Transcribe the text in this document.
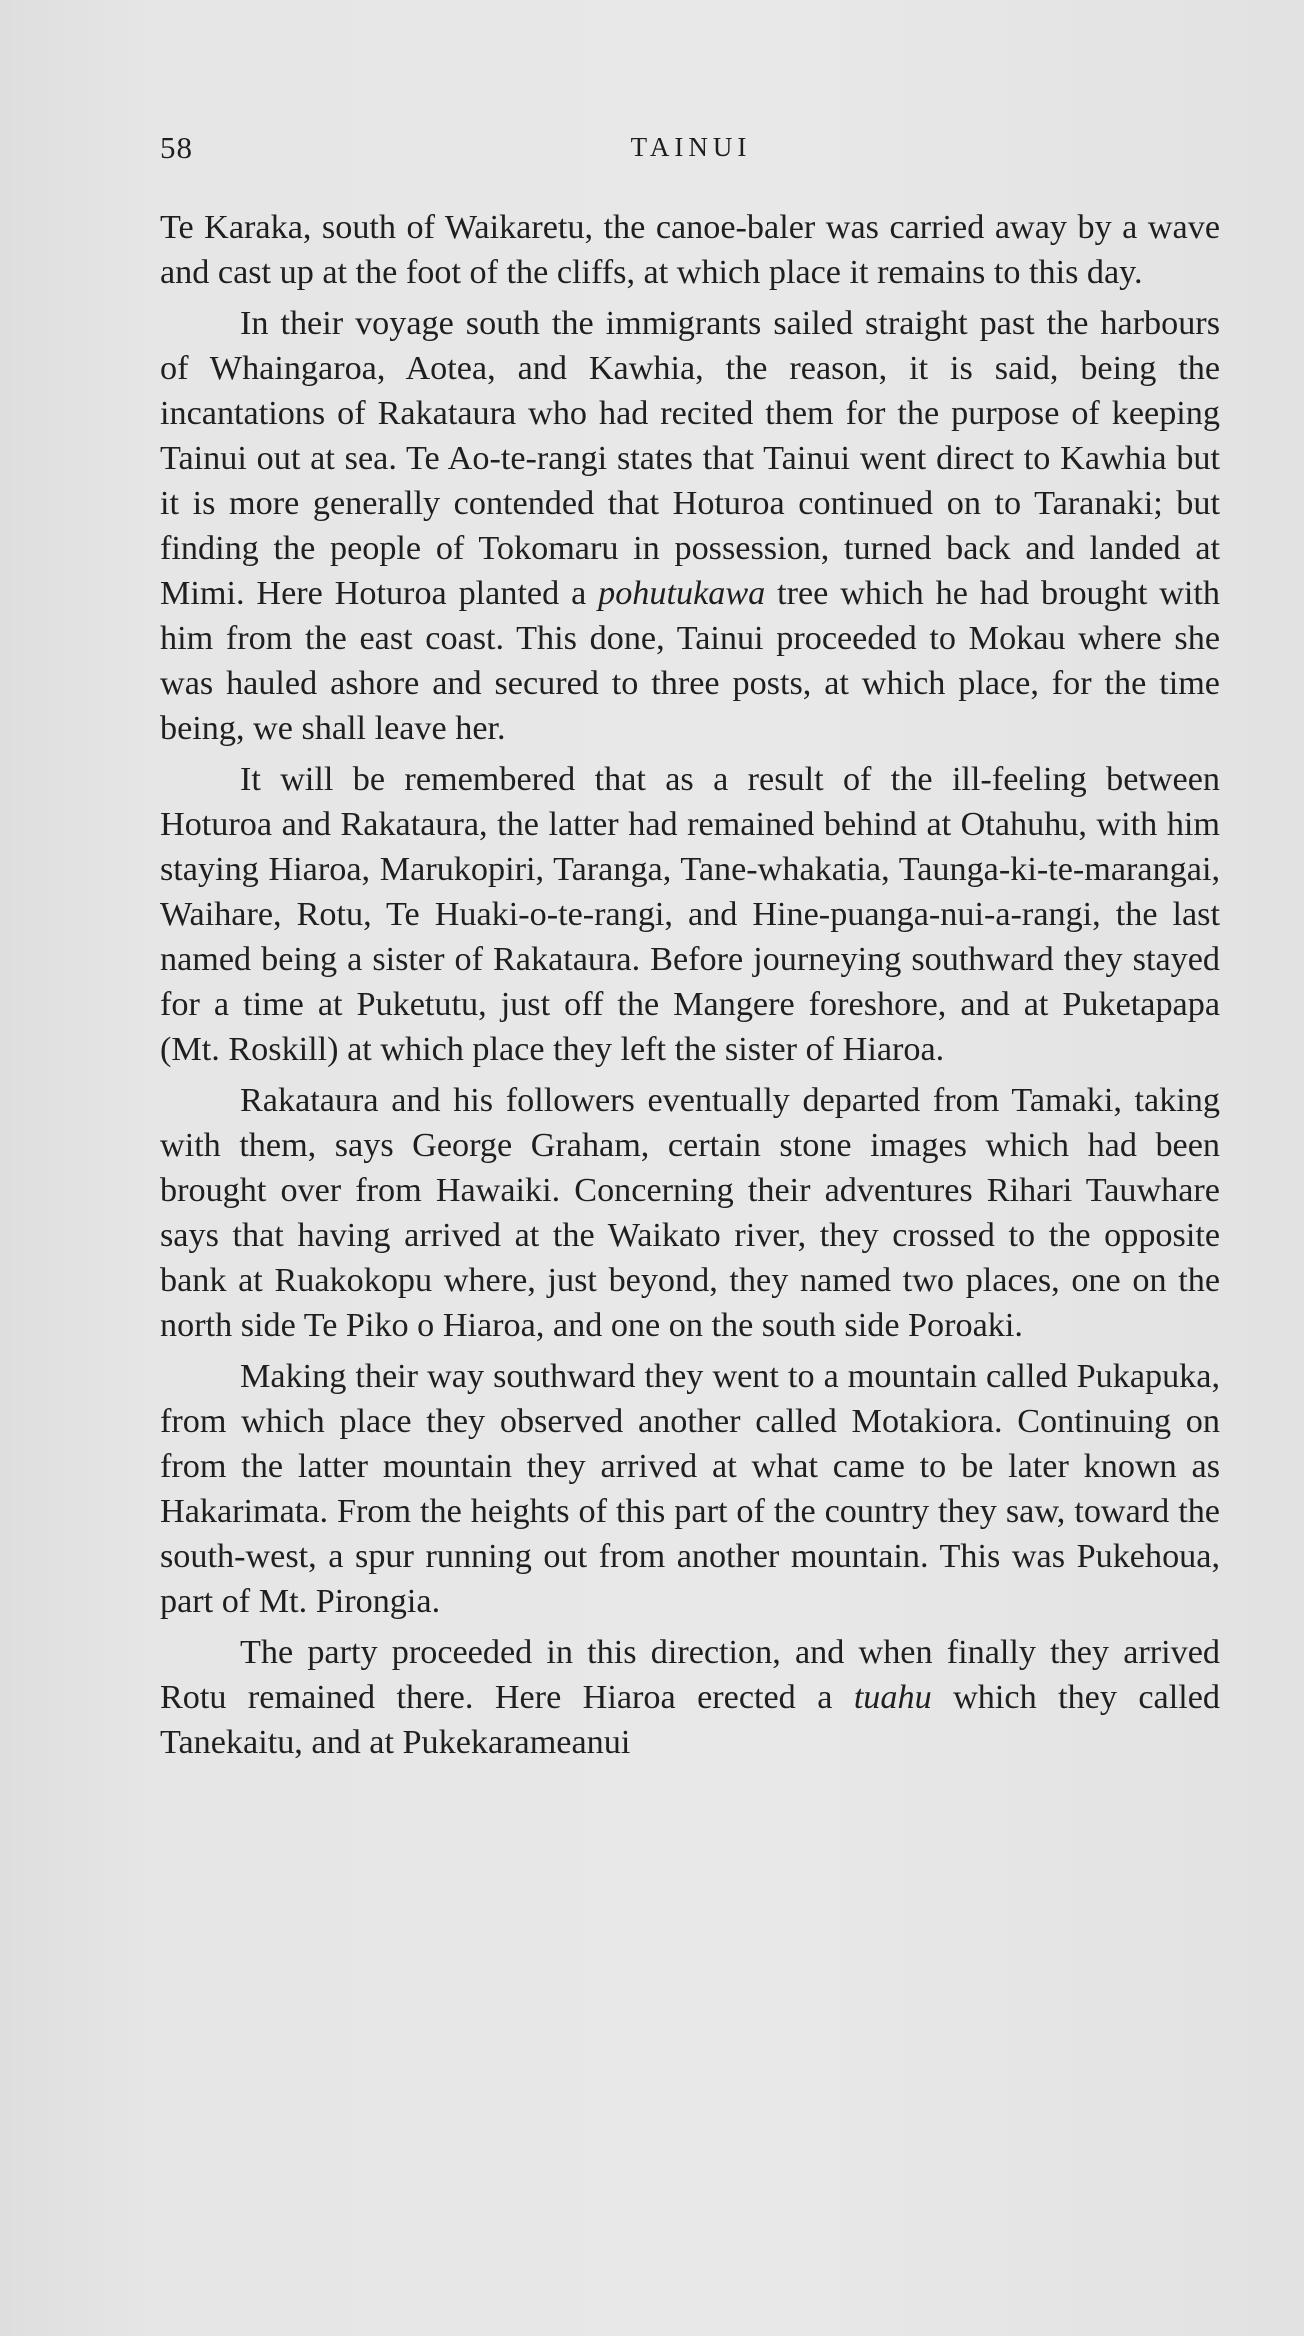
58	TAINUI

Te Karaka, south of Waikaretu, the canoe-baler was carried away by a wave and cast up at the foot of the cliffs, at which place it remains to this day.

In their voyage south the immigrants sailed straight past the harbours of Whaingaroa, Aotea, and Kawhia, the reason, it is said, being the incantations of Rakataura who had recited them for the purpose of keeping Tainui out at sea. Te Ao-te-rangi states that Tainui went direct to Kawhia but it is more generally contended that Hoturoa continued on to Taranaki; but finding the people of Tokomaru in possession, turned back and landed at Mimi. Here Hoturoa planted a pohutukawa tree which he had brought with him from the east coast. This done, Tainui proceeded to Mokau where she was hauled ashore and secured to three posts, at which place, for the time being, we shall leave her.

It will be remembered that as a result of the ill-feeling between Hoturoa and Rakataura, the latter had remained behind at Otahuhu, with him staying Hiaroa, Marukopiri, Taranga, Tane-whakatia, Taunga-ki-te-marangai, Waihare, Rotu, Te Huaki-o-te-rangi, and Hine-puanga-nui-a-rangi, the last named being a sister of Rakataura. Before journeying southward they stayed for a time at Puketutu, just off the Mangere foreshore, and at Puketapapa (Mt. Roskill) at which place they left the sister of Hiaroa.

Rakataura and his followers eventually departed from Tamaki, taking with them, says George Graham, certain stone images which had been brought over from Hawaiki. Concerning their adventures Rihari Tauwhare says that having arrived at the Waikato river, they crossed to the opposite bank at Ruakokopu where, just beyond, they named two places, one on the north side Te Piko o Hiaroa, and one on the south side Poroaki.

Making their way southward they went to a mountain called Pukapuka, from which place they observed another called Motakiora. Continuing on from the latter mountain they arrived at what came to be later known as Hakarimata. From the heights of this part of the country they saw, toward the south-west, a spur running out from another mountain. This was Pukehoua, part of Mt. Pirongia.

The party proceeded in this direction, and when finally they arrived Rotu remained there. Here Hiaroa erected a tuahu which they called Tanekaitu, and at Pukekarameanui
